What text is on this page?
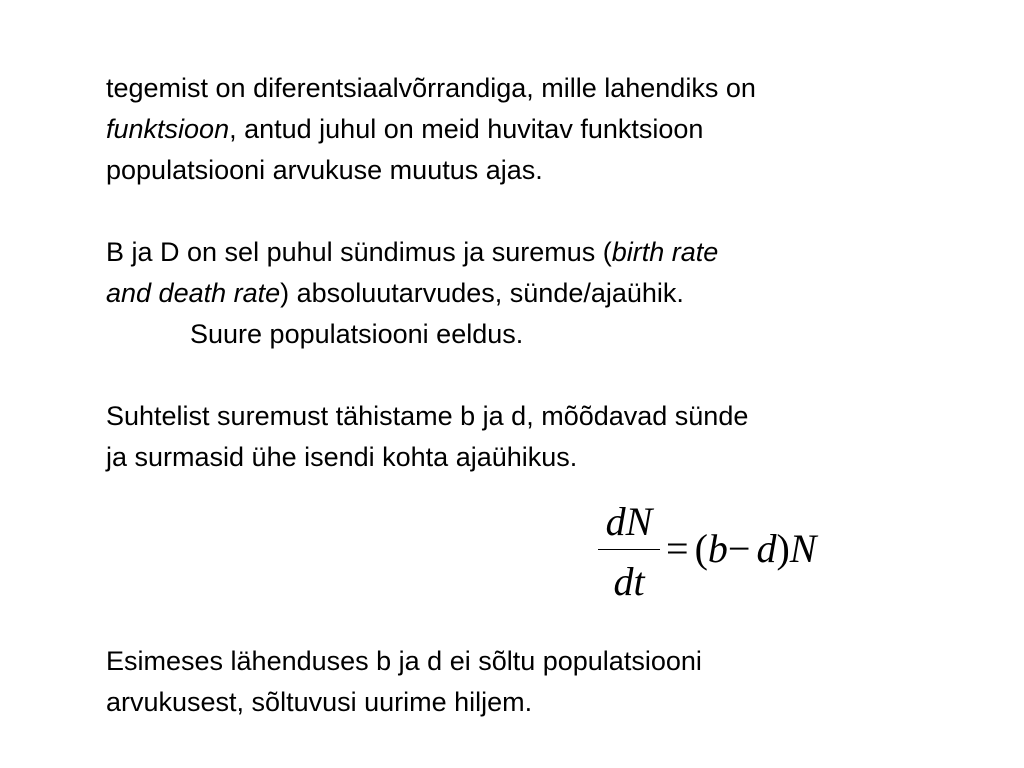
tegemist on diferentsiaalvõrrandiga, mille lahendiks on
funktsioon, antud juhul on meid huvitav funktsioon
populatsiooni arvukuse muutus ajas.

B ja D on sel puhul sündimus ja suremus (birth rate
and death rate) absoluutarvudes, sünde/ajaühik.
Suure populatsiooni eeldus.

Suhtelist suremust tähistame b ja d, mõõdavad sünde
ja surmasid ühe isendi kohta ajaühikus.

dN
dt
= (b− d)N

Esimeses lähenduses b ja d ei sõltu populatsiooni
arvukusest, sõltuvusi uurime hiljem.
